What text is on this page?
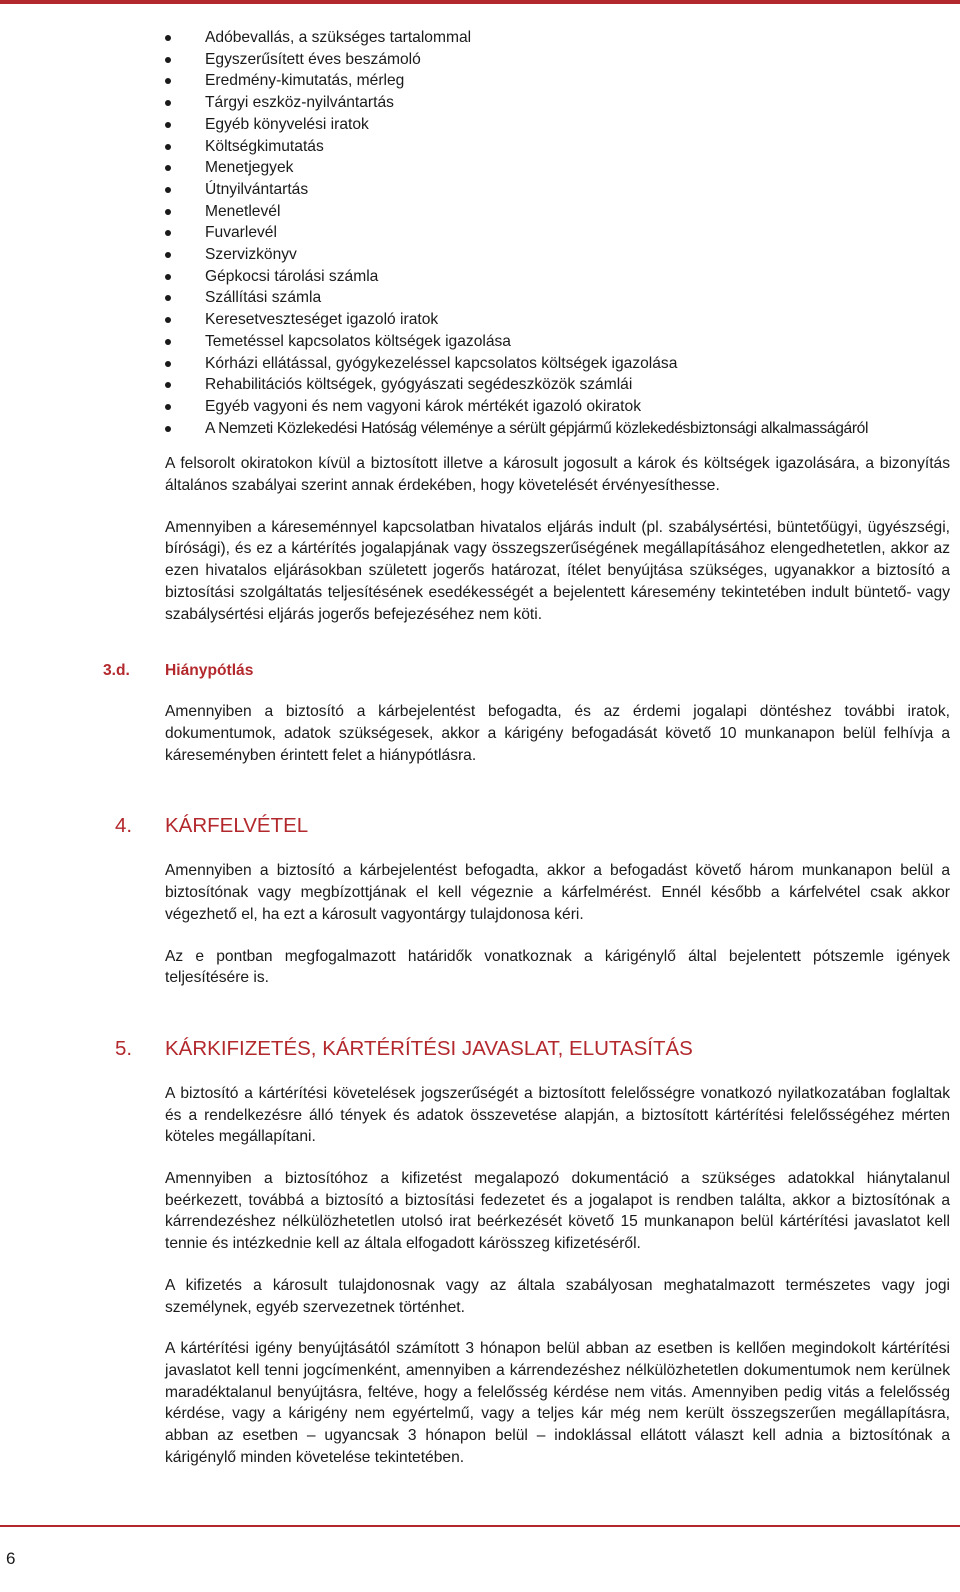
Adóbevallás, a szükséges tartalommal
Egyszerűsített éves beszámoló
Eredmény-kimutatás, mérleg
Tárgyi eszköz-nyilvántartás
Egyéb könyvelési iratok
Költségkimutatás
Menetjegyek
Útnyilvántartás
Menetlevél
Fuvarlevél
Szervizkönyv
Gépkocsi tárolási számla
Szállítási számla
Keresetveszteséget igazoló iratok
Temetéssel kapcsolatos költségek igazolása
Kórházi ellátással, gyógykezeléssel kapcsolatos költségek igazolása
Rehabilitációs költségek, gyógyászati segédeszközök számlái
Egyéb vagyoni és nem vagyoni károk mértékét igazoló okiratok
A Nemzeti Közlekedési Hatóság véleménye a sérült gépjármű közlekedésbiztonsági alkalmasságáról

A felsorolt okiratokon kívül a biztosított illetve a károsult jogosult a károk és költségek igazolására, a bizonyítás általános szabályai szerint annak érdekében, hogy követelését érvényesíthesse.

Amennyiben a káreseménnyel kapcsolatban hivatalos eljárás indult (pl. szabálysértési, büntetőügyi, ügyészségi, bírósági), és ez a kártérítés jogalapjának vagy összegszerűségének megállapításához elengedhetetlen, akkor az ezen hivatalos eljárásokban született jogerős határozat, ítélet benyújtása szükséges, ugyanakkor a biztosító a biztosítási szolgáltatás teljesítésének esedékességét a bejelentett káresemény tekintetében indult büntető- vagy szabálysértési eljárás jogerős befejezéséhez nem köti.

3.d. Hiánypótlás

Amennyiben a biztosító a kárbejelentést befogadta, és az érdemi jogalapi döntéshez további iratok, dokumentumok, adatok szükségesek, akkor a kárigény befogadását követő 10 munkanapon belül felhívja a káreseményben érintett felet a hiánypótlásra.

4. KÁRFELVÉTEL

Amennyiben a biztosító a kárbejelentést befogadta, akkor a befogadást követő három munkanapon belül a biztosítónak vagy megbízottjának el kell végeznie a kárfelmérést. Ennél később a kárfelvétel csak akkor végezhető el, ha ezt a károsult vagyontárgy tulajdonosa kéri.

Az e pontban megfogalmazott határidők vonatkoznak a kárigénylő által bejelentett pótszemle igények teljesítésére is.

5. KÁRKIFIZETÉS, KÁRTÉRÍTÉSI JAVASLAT, ELUTASÍTÁS

A biztosító a kártérítési követelések jogszerűségét a biztosított felelősségre vonatkozó nyilatkozatában foglaltak és a rendelkezésre álló tények és adatok összevetése alapján, a biztosított kártérítési felelősségéhez mérten köteles megállapítani.

Amennyiben a biztosítóhoz a kifizetést megalapozó dokumentáció a szükséges adatokkal hiánytalanul beérkezett, továbbá a biztosító a biztosítási fedezetet és a jogalapot is rendben találta, akkor a biztosítónak a kárrendezéshez nélkülözhetetlen utolsó irat beérkezését követő 15 munkanapon belül kártérítési javaslatot kell tennie és intézkednie kell az általa elfogadott kárösszeg kifizetéséről.

A kifizetés a károsult tulajdonosnak vagy az általa szabályosan meghatalmazott természetes vagy jogi személynek, egyéb szervezetnek történhet.

A kártérítési igény benyújtásától számított 3 hónapon belül abban az esetben is kellően megindokolt kártérítési javaslatot kell tenni jogcímenként, amennyiben a kárrendezéshez nélkülözhetetlen dokumentumok nem kerülnek maradéktalanul benyújtásra, feltéve, hogy a felelősség kérdése nem vitás. Amennyiben pedig vitás a felelősség kérdése, vagy a kárigény nem egyértelmű, vagy a teljes kár még nem került összegszerűen megállapításra, abban az esetben – ugyancsak 3 hónapon belül – indoklással ellátott választ kell adnia a biztosítónak a kárigénylő minden követelése tekintetében.

6
